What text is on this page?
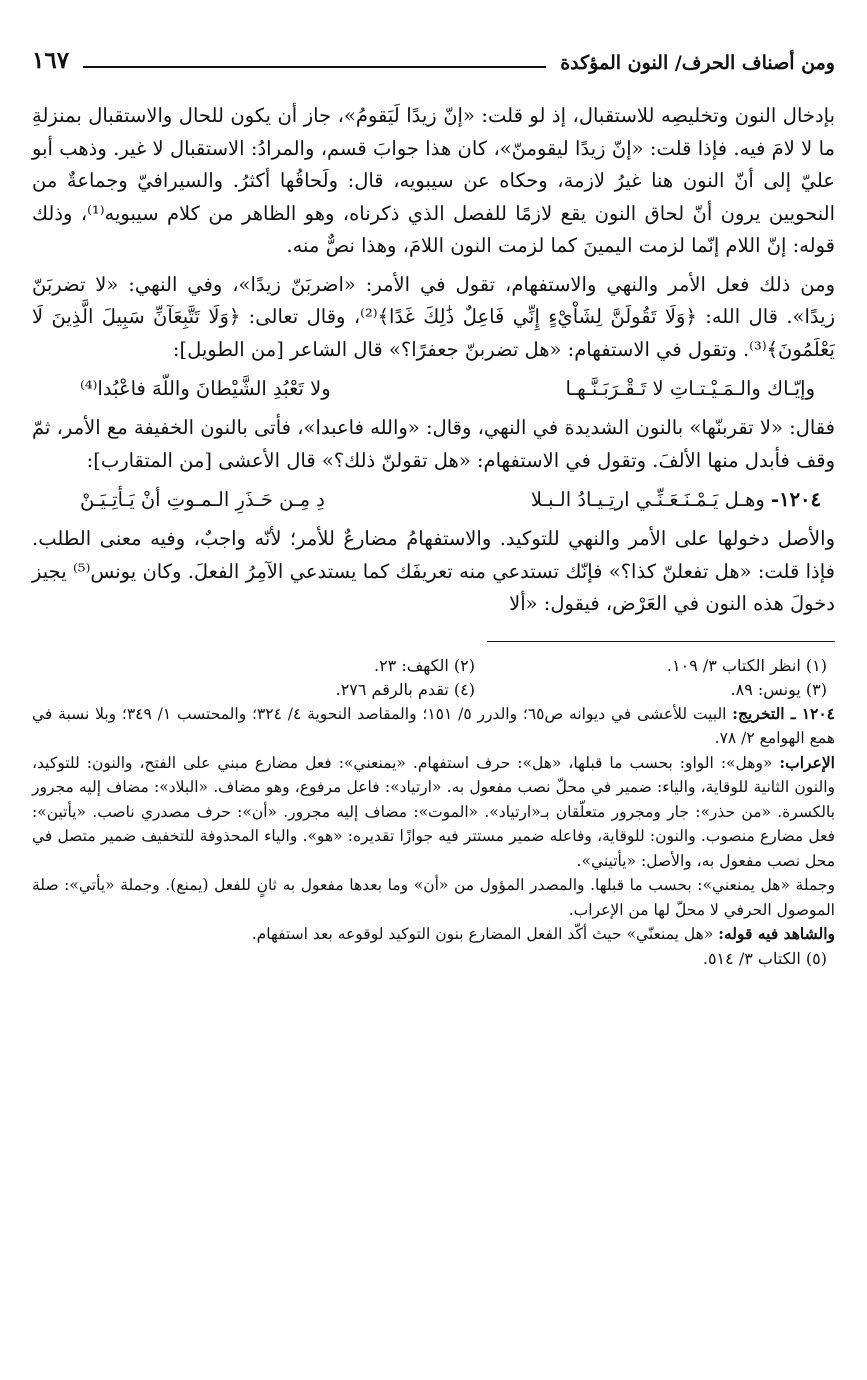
ومن أصناف الحرف/ النون المؤكدة
١٦٧

بإدخال النون وتخليصِه للاستقبال، إذ لو قلت: «إنّ زيدًا لَيَقومُ»، جاز أن يكون للحال والاستقبال بمنزلةِ ما لا لامَ فيه. فإذا قلت: «إنّ زيدًا ليقومنّ»، كان هذا جوابَ قسم، والمرادُ: الاستقبال لا غير. وذهب أبو عليّ إلى أنّ النون هنا غيرُ لازمة، وحكاه عن سيبويه، قال: ولَحاقُها أكثرُ. والسيرافيّ وجماعةٌ من النحويين يرون أنّ لحاق النون يقع لازمًا للفصل الذي ذكرناه، وهو الظاهر من كلام سيبويه⁽¹⁾، وذلك قوله: إنّ اللام إنّما لزمت اليمينَ كما لزمت النون اللامَ، وهذا نصٌّ منه.

ومن ذلك فعل الأمر والنهي والاستفهام، تقول في الأمر: «اضربَنّ زيدًا»، وفي النهي: «لا تضربَنّ زيدًا». قال الله: ﴿وَلَا تَقُولَنَّ لِشَاْيْءٍ إِنِّي فَاعِلٌ ذَٰلِكَ غَدًا﴾⁽²⁾، وقال تعالى: ﴿وَلَا تَتَّبِعَآنِّ سَبِيلَ الَّذِينَ لَا يَعْلَمُونَ﴾⁽³⁾. وتقول في الاستفهام: «هل تضربنّ جعفرًا؟» قال الشاعر [من الطويل]:

وإيّـاك والـمَـيْـتـاتِ لا تَـقْـرَبَـنَّـهـا
ولا تَعْبُدِ الشَّيْطانَ واللّهَ فاعْبُدا⁽⁴⁾

فقال: «لا تقربنّها» بالنون الشديدة في النهي، وقال: «والله فاعبدا»، فأتى بالنون الخفيفة مع الأمر، ثمّ وقف فأبدل منها الألفَ. وتقول في الاستفهام: «هل تقولنّ ذلك؟» قال الأعشى [من المتقارب]:

١٢٠٤- وهـل يَـمْـنَـعَـنِّـي ارتِـيـادُ الـبـلا
دِ مِـن حَـذَرِ الـمـوتِ أنْ يَـأتِـيَـنْ

والأصل دخولها على الأمر والنهي للتوكيد. والاستفهامُ مضارعٌ للأمر؛ لأنّه واجبٌ، وفيه معنى الطلب. فإذا قلت: «هل تفعلنّ كذا؟» فإنّك تستدعي منه تعريفَك كما يستدعي الآمِرُ الفعلَ. وكان يونس⁽⁵⁾ يجيز دخولَ هذه النون في العَرْض، فيقول: «ألا

(١) انظر الكتاب ٣/ ١٠٩.
(٢) الكهف: ٢٣.
(٣) يونس: ٨٩.
(٤) تقدم بالرقم ٢٧٦.

١٢٠٤ ـ التخريج: البيت للأعشى في ديوانه ص٦٥؛ والدرر ٥/ ١٥١؛ والمقاصد النحوية ٤/ ٣٢٤؛ والمحتسب ١/ ٣٤٩؛ وبلا نسبة في همع الهوامع ٢/ ٧٨.

الإعراب: «وهل»: الواو: بحسب ما قبلها، «هل»: حرف استفهام. «يمنعني»: فعل مضارع مبني على الفتح، والنون: للتوكيد، والنون الثانية للوقاية، والياء: ضمير في محلّ نصب مفعول به. «ارتياد»: فاعل مرفوع، وهو مضاف. «البلاد»: مضاف إليه مجرور بالكسرة. «من حذر»: جار ومجرور متعلّقان بـ«ارتياد». «الموت»: مضاف إليه مجرور. «أن»: حرف مصدري ناصب. «يأتين»: فعل مضارع منصوب. والنون: للوقاية، وفاعله ضمير مستتر فيه جوازًا تقديره: «هو». والياء المحذوفة للتخفيف ضمير متصل في محل نصب مفعول به، والأصل: «يأتيني».

وجملة «هل يمنعني»: بحسب ما قبلها. والمصدر المؤول من «أن» وما بعدها مفعول به ثانٍ للفعل (يمنع). وجملة «يأتي»: صلة الموصول الحرفي لا محلّ لها من الإعراب.

والشاهد فيه قوله: «هل يمنعنّي» حيث أكّد الفعل المضارع بنون التوكيد لوقوعه بعد استفهام.

(٥) الكتاب ٣/ ٥١٤.
